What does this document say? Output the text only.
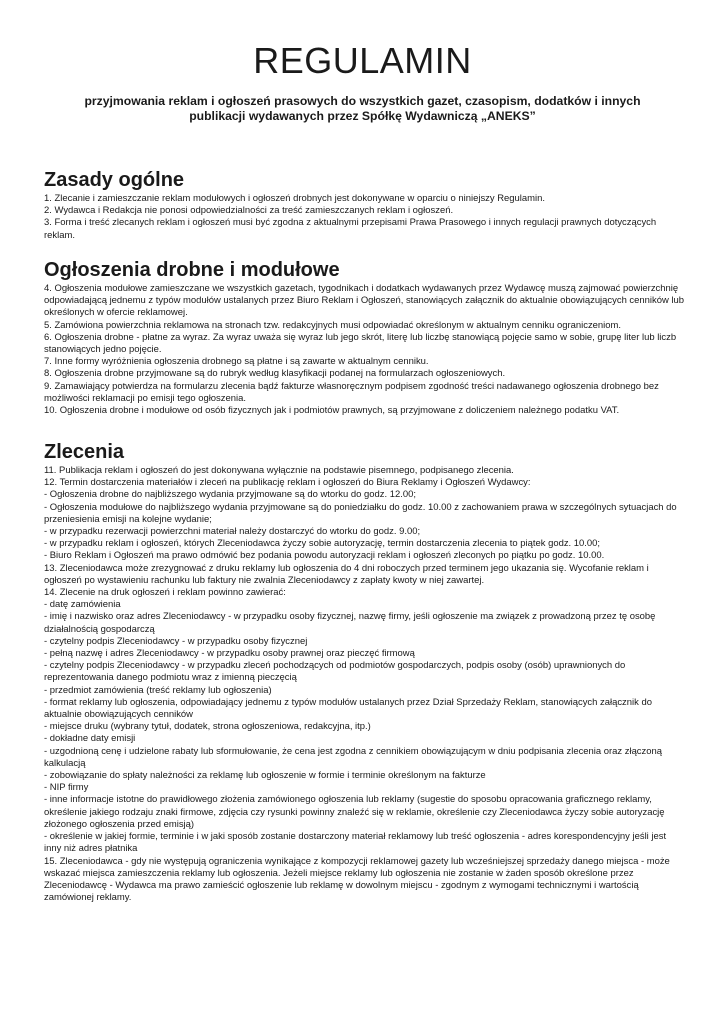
REGULAMIN
przyjmowania reklam i ogłoszeń prasowych do wszystkich gazet, czasopism, dodatków i innych publikacji wydawanych przez Spółkę Wydawniczą „ANEKS”
Zasady ogólne

1. Zlecanie i zamieszczanie reklam modułowych i ogłoszeń drobnych jest dokonywane w oparciu o niniejszy Regulamin.

2. Wydawca i Redakcja nie ponosi odpowiedzialności za treść zamieszczanych reklam i ogłoszeń.

3. Forma i treść zlecanych reklam i ogłoszeń musi być zgodna z aktualnymi przepisami Prawa Prasowego i innych regulacji prawnych dotyczących reklam.

Ogłoszenia drobne i modułowe

4. Ogłoszenia modułowe zamieszczane we wszystkich gazetach, tygodnikach i dodatkach wydawanych przez Wydawcę muszą zajmować powierzchnię odpowiadającą jednemu z typów modułów ustalanych przez Biuro Reklam i Ogłoszeń, stanowiących załącznik do aktualnie obowiązujących cenników lub określonych w ofercie reklamowej.

5. Zamówiona powierzchnia reklamowa na stronach tzw. redakcyjnych musi odpowiadać określonym w aktualnym cenniku ograniczeniom.

6. Ogłoszenia drobne - płatne za wyraz. Za wyraz uważa się wyraz lub jego skrót, literę lub liczbę stanowiącą pojęcie samo w sobie, grupę liter lub liczb stanowiących jedno pojęcie.

7. Inne formy wyróżnienia ogłoszenia drobnego są płatne i są zawarte w aktualnym cenniku.

8. Ogłoszenia drobne przyjmowane są do rubryk według klasyfikacji podanej na formularzach ogłoszeniowych.

9. Zamawiający potwierdza na formularzu zlecenia bądź fakturze własnoręcznym podpisem zgodność treści nadawanego ogłoszenia drobnego bez możliwości reklamacji po emisji tego ogłoszenia.

10. Ogłoszenia drobne i modułowe od osób fizycznych jak i podmiotów prawnych, są przyjmowane z doliczeniem należnego podatku VAT.

Zlecenia

11. Publikacja reklam i ogłoszeń do jest dokonywana wyłącznie na podstawie pisemnego, podpisanego zlecenia.

12. Termin dostarczenia materiałów i zleceń na publikację reklam i ogłoszeń do Biura Reklamy i Ogłoszeń Wydawcy:

- Ogłoszenia drobne do najbliższego wydania przyjmowane są do wtorku do godz. 12.00;

- Ogłoszenia modułowe do najbliższego wydania przyjmowane są do poniedziałku do godz. 10.00 z zachowaniem prawa w szczególnych sytuacjach do przeniesienia emisji na kolejne wydanie;

- w przypadku rezerwacji powierzchni materiał należy dostarczyć do wtorku do godz. 9.00;

- w przypadku reklam i ogłoszeń, których Zleceniodawca życzy sobie autoryzację, termin dostarczenia zlecenia to piątek godz. 10.00;

- Biuro Reklam i Ogłoszeń ma prawo odmówić bez podania powodu autoryzacji reklam i ogłoszeń zleconych po piątku po godz. 10.00.

13. Zleceniodawca może zrezygnować z druku reklamy lub ogłoszenia do 4 dni roboczych przed terminem jego ukazania się. Wycofanie reklam i ogłoszeń po wystawieniu rachunku lub faktury nie zwalnia Zleceniodawcy z zapłaty kwoty w niej zawartej.

14. Zlecenie na druk ogłoszeń i reklam powinno zawierać:

- datę zamówienia

- imię i nazwisko oraz adres Zleceniodawcy - w przypadku osoby fizycznej, nazwę firmy, jeśli ogłoszenie ma związek z prowadzoną przez tę osobę działalnością gospodarczą

- czytelny podpis Zleceniodawcy - w przypadku osoby fizycznej

- pełną nazwę i adres Zleceniodawcy - w przypadku osoby prawnej oraz pieczęć firmową

- czytelny podpis Zleceniodawcy - w przypadku zleceń pochodzących od podmiotów gospodarczych, podpis osoby (osób) uprawnionych do reprezentowania danego podmiotu wraz z imienną pieczęcią

- przedmiot zamówienia (treść reklamy lub ogłoszenia)

- format reklamy lub ogłoszenia, odpowiadający jednemu z typów modułów ustalanych przez Dział Sprzedaży Reklam, stanowiących załącznik do aktualnie obowiązujących cenników

- miejsce druku (wybrany tytuł, dodatek, strona ogłoszeniowa, redakcyjna, itp.)

- dokładne daty emisji

- uzgodnioną cenę i udzielone rabaty lub sformułowanie, że cena jest zgodna z cennikiem obowiązującym w dniu podpisania zlecenia oraz złączoną kalkulacją

- zobowiązanie do spłaty należności za reklamę lub ogłoszenie w formie i terminie określonym na fakturze

- NIP firmy

- inne informacje istotne do prawidłowego złożenia zamówionego ogłoszenia lub reklamy (sugestie do sposobu opracowania graficznego reklamy, określenie jakiego rodzaju znaki firmowe, zdjęcia czy rysunki powinny znaleźć się w reklamie, określenie czy Zleceniodawca życzy sobie autoryzację złożonego ogłoszenia przed emisją)

- określenie w jakiej formie, terminie i w jaki sposób zostanie dostarczony materiał reklamowy lub treść ogłoszenia - adres korespondencyjny jeśli jest inny niż adres płatnika

15. Zleceniodawca - gdy nie występują ograniczenia wynikające z kompozycji reklamowej gazety lub wcześniejszej sprzedaży danego miejsca - może wskazać miejsca zamieszczenia reklamy lub ogłoszenia. Jeżeli miejsce reklamy lub ogłoszenia nie zostanie w żaden sposób określone przez Zleceniodawcę - Wydawca ma prawo zamieścić ogłoszenie lub reklamę w dowolnym miejscu - zgodnym z wymogami technicznymi i wartością zamówionej reklamy.
